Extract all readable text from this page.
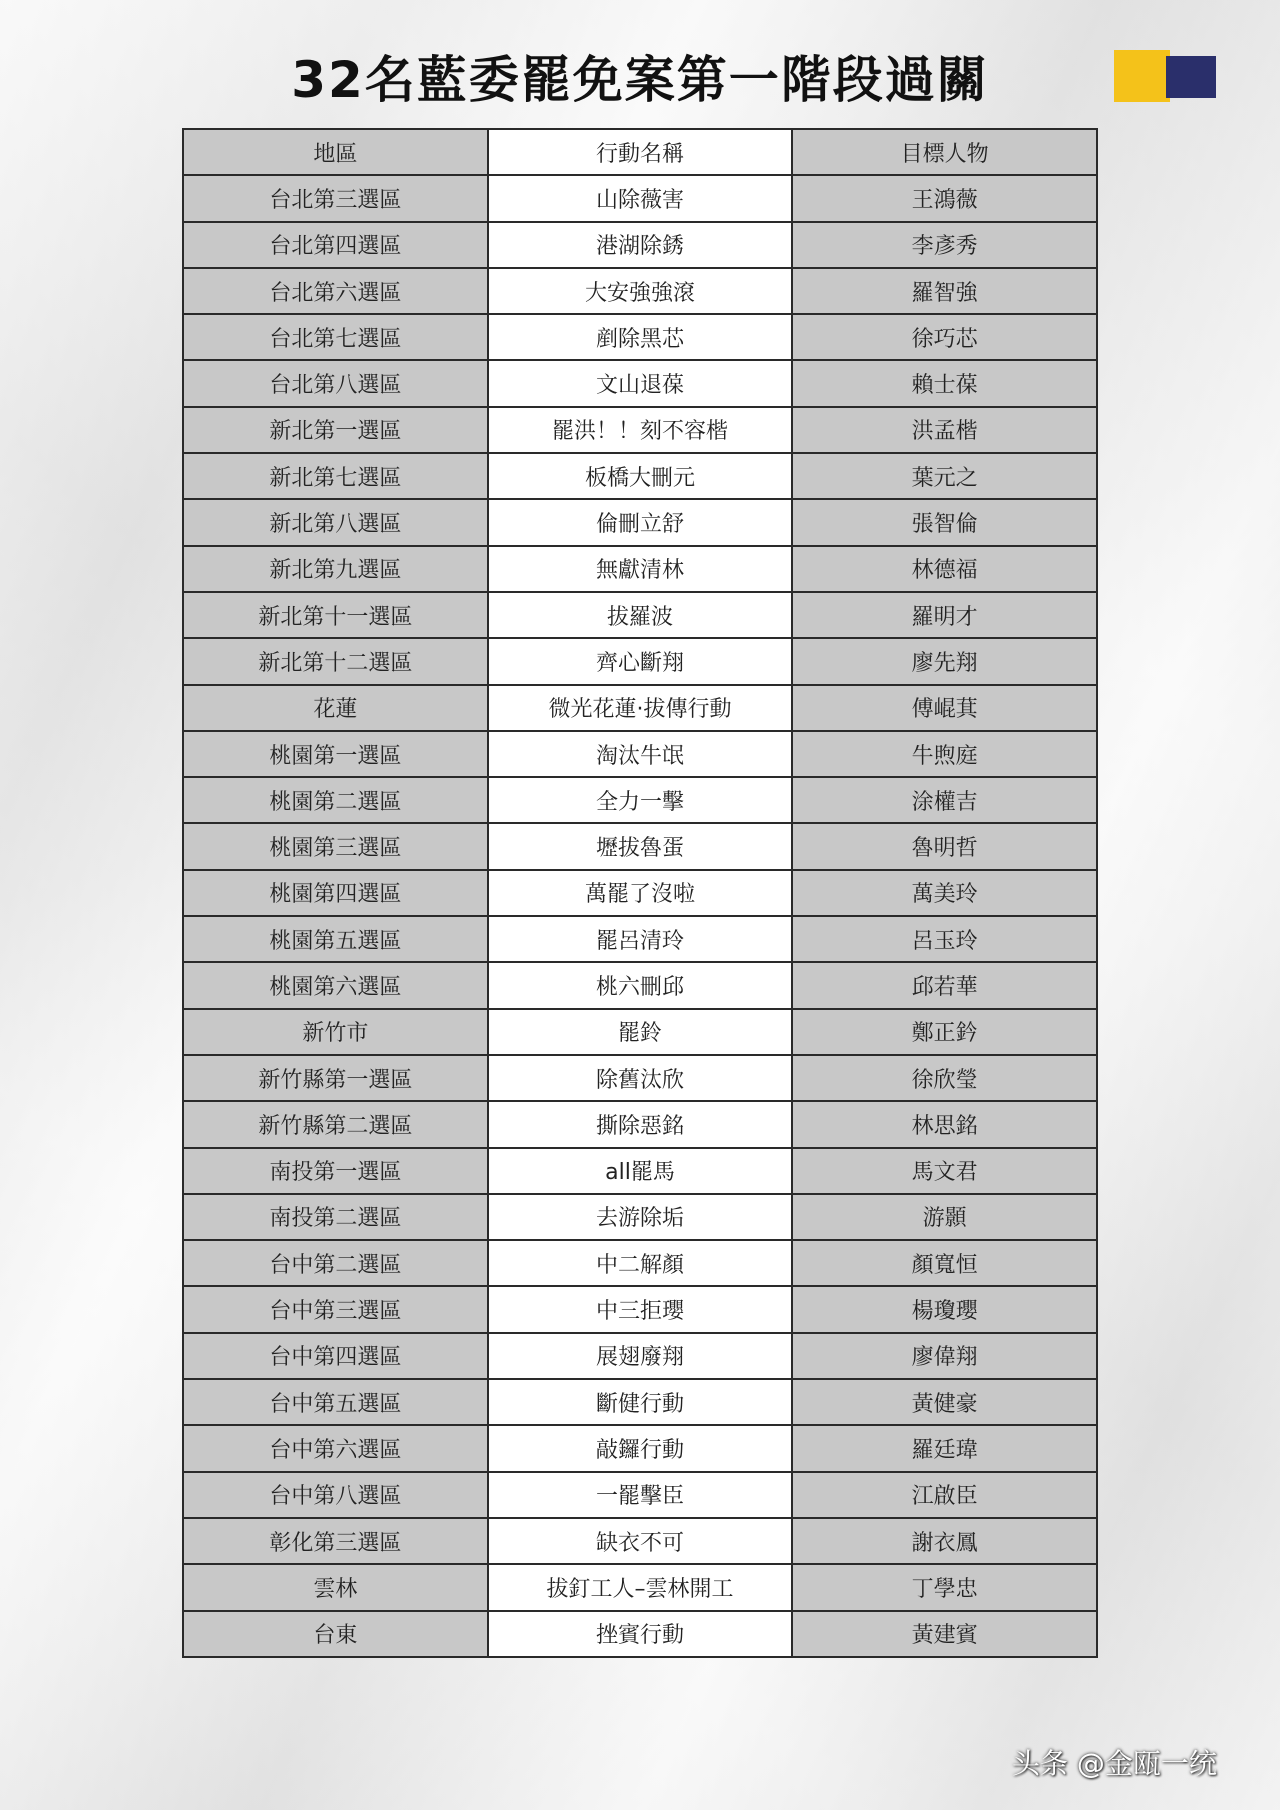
32名藍委罷免案第一階段過關
地區	行動名稱	目標人物
台北第三選區	山除薇害	王鴻薇
台北第四選區	港湖除銹	李彥秀
台北第六選區	大安強強滾	羅智強
台北第七選區	剷除黑芯	徐巧芯
台北第八選區	文山退葆	賴士葆
新北第一選區	罷洪！！刻不容楷	洪孟楷
新北第七選區	板橋大刪元	葉元之
新北第八選區	倫刪立舒	張智倫
新北第九選區	無獻清林	林德福
新北第十一選區	拔羅波	羅明才
新北第十二選區	齊心斷翔	廖先翔
花蓮	微光花蓮·拔傳行動	傅崐萁
桃園第一選區	淘汰牛氓	牛煦庭
桃園第二選區	全力一擊	涂權吉
桃園第三選區	壢拔魯蛋	魯明哲
桃園第四選區	萬罷了沒啦	萬美玲
桃園第五選區	罷呂清玲	呂玉玲
桃園第六選區	桃六刪邱	邱若華
新竹市	罷鈴	鄭正鈐
新竹縣第一選區	除舊汰欣	徐欣瑩
新竹縣第二選區	撕除惡銘	林思銘
南投第一選區	all罷馬	馬文君
南投第二選區	去游除垢	游顥
台中第二選區	中二解顏	顏寬恒
台中第三選區	中三拒瓔	楊瓊瓔
台中第四選區	展翅廢翔	廖偉翔
台中第五選區	斷健行動	黃健豪
台中第六選區	敲鑼行動	羅廷瑋
台中第八選區	一罷擊臣	江啟臣
彰化第三選區	缺衣不可	謝衣鳳
雲林	拔釘工人–雲林開工	丁學忠
台東	挫賓行動	黃建賓
头条 @金瓯一统
